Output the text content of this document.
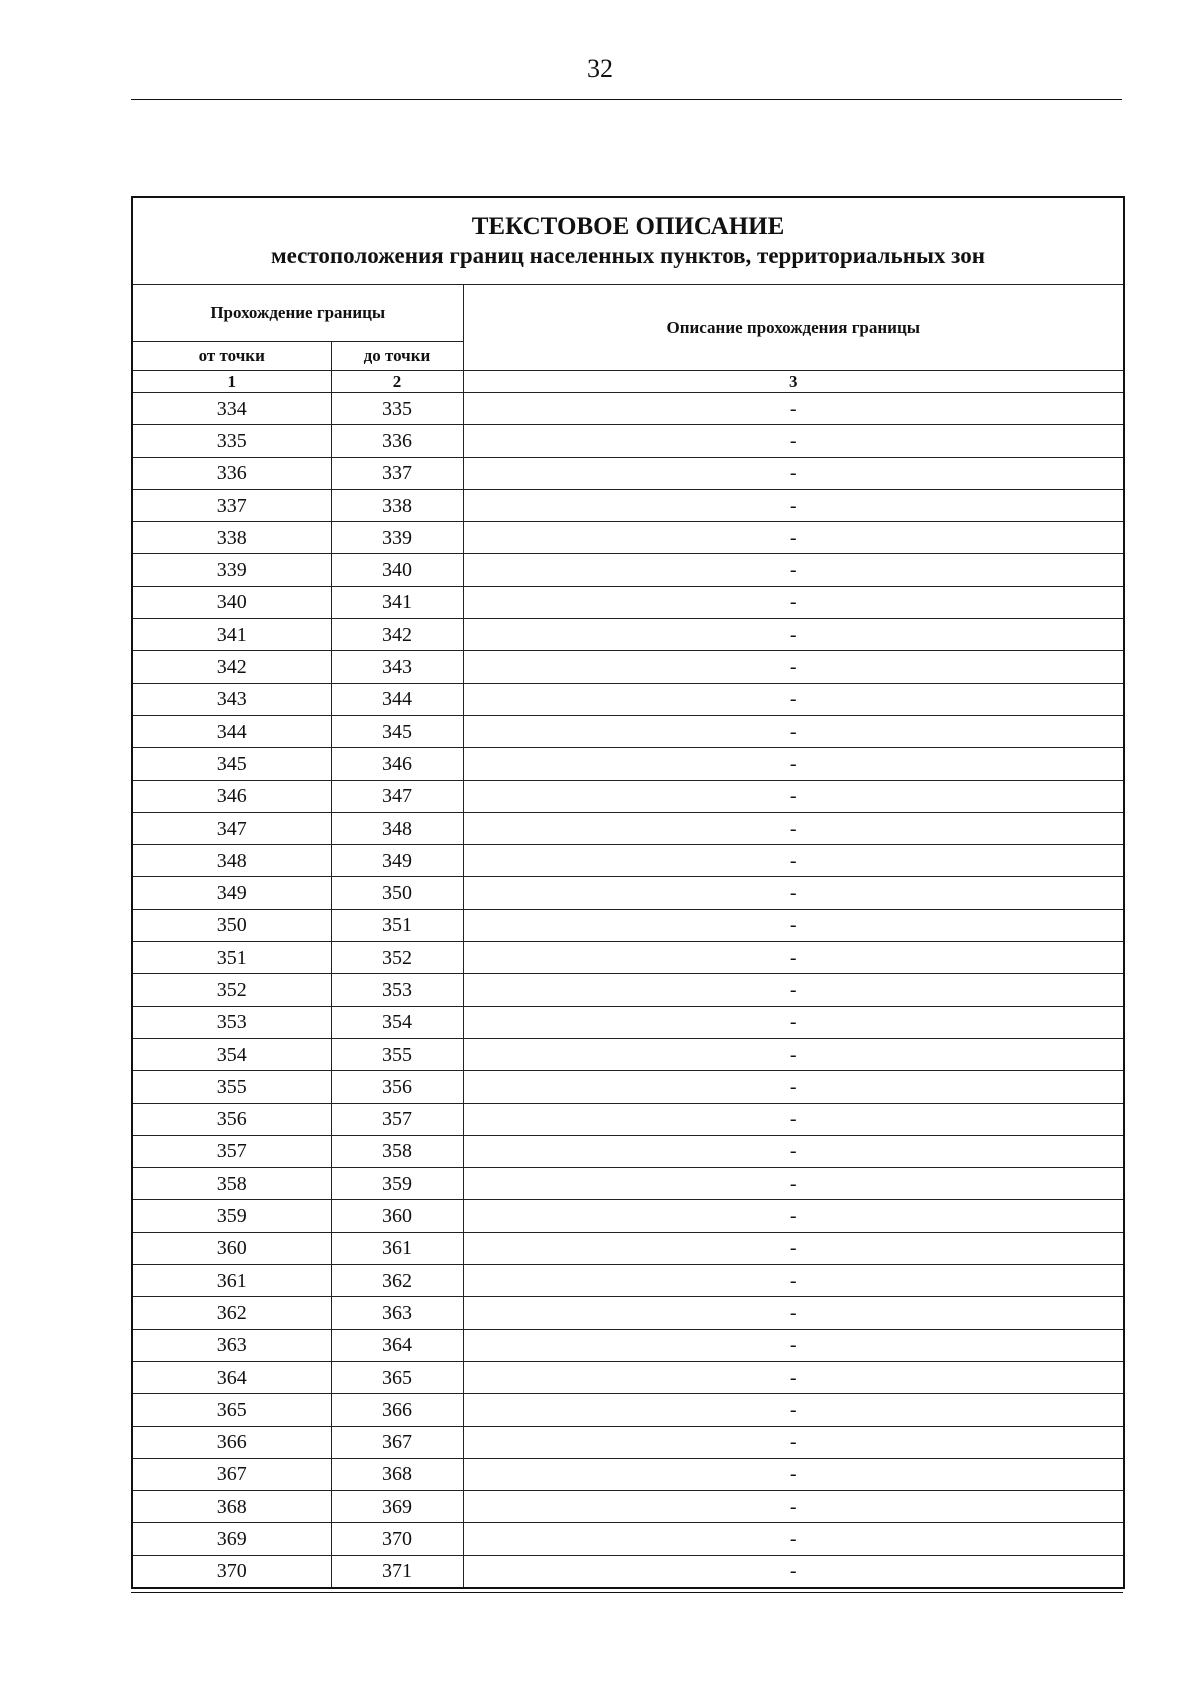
32
ТЕКСТОВОЕ ОПИСАНИЕ
местоположения границ населенных пунктов, территориальных зон		

Прохождение границы		Описание прохождения границы
от точки	до точки	
1	2	3
334	335	-
335	336	-
336	337	-
337	338	-
338	339	-
339	340	-
340	341	-
341	342	-
342	343	-
343	344	-
344	345	-
345	346	-
346	347	-
347	348	-
348	349	-
349	350	-
350	351	-
351	352	-
352	353	-
353	354	-
354	355	-
355	356	-
356	357	-
357	358	-
358	359	-
359	360	-
360	361	-
361	362	-
362	363	-
363	364	-
364	365	-
365	366	-
366	367	-
367	368	-
368	369	-
369	370	-
370	371	-
